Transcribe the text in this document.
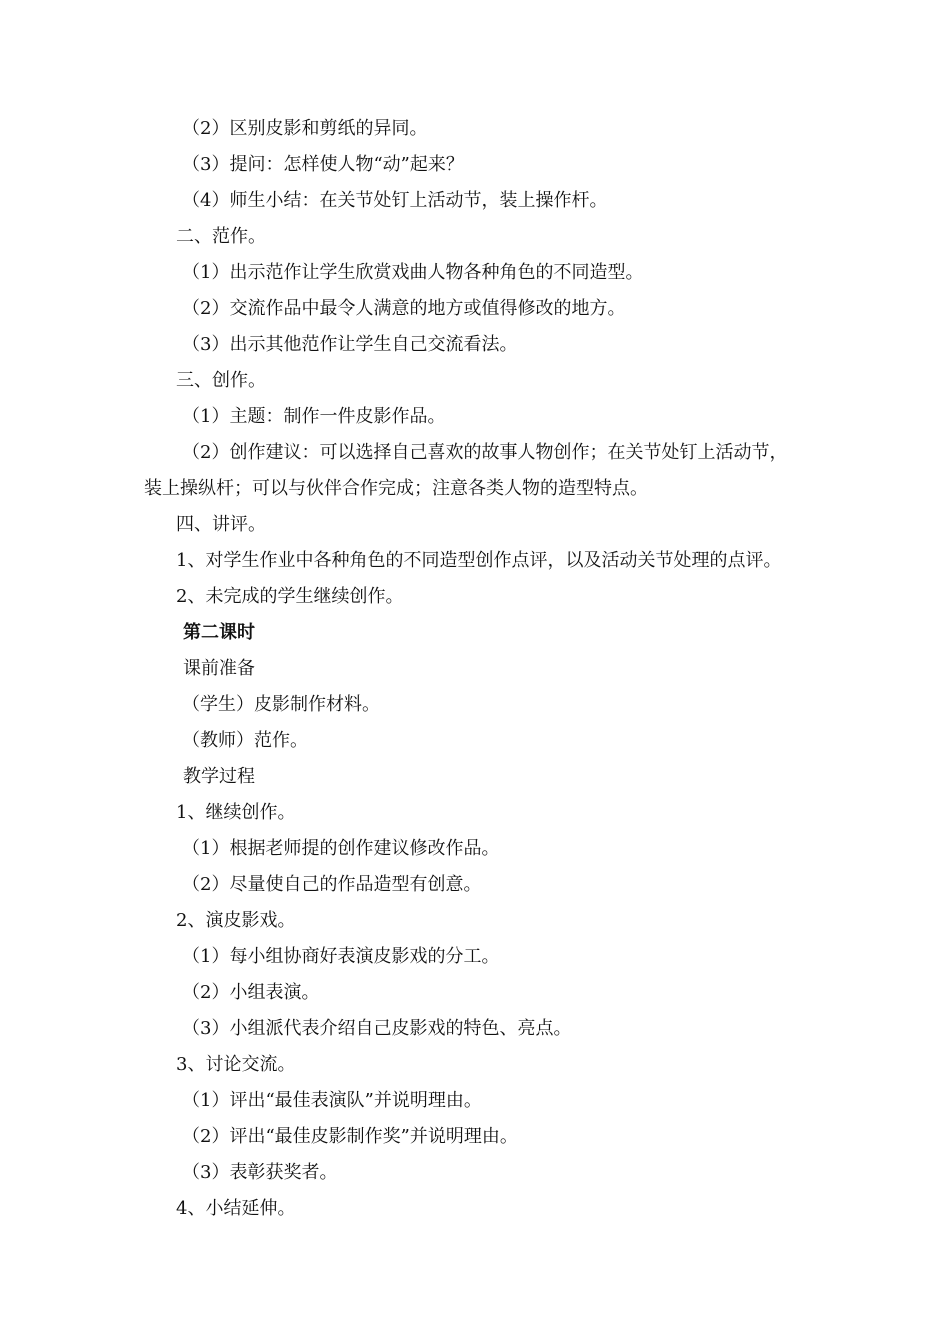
（2）区别皮影和剪纸的异同。
（3）提问：怎样使人物“动”起来？
（4）师生小结：在关节处钉上活动节，装上操作杆。
二、范作。
（1）出示范作让学生欣赏戏曲人物各种角色的不同造型。
（2）交流作品中最令人满意的地方或值得修改的地方。
（3）出示其他范作让学生自己交流看法。
三、创作。
（1）主题：制作一件皮影作品。
（2）创作建议：可以选择自己喜欢的故事人物创作；在关节处钉上活动节，
装上操纵杆；可以与伙伴合作完成；注意各类人物的造型特点。
四、讲评。
1、对学生作业中各种角色的不同造型创作点评，以及活动关节处理的点评。
2、未完成的学生继续创作。
第二课时
课前准备
（学生）皮影制作材料。
（教师）范作。
教学过程
1、继续创作。
（1）根据老师提的创作建议修改作品。
（2）尽量使自己的作品造型有创意。
2、演皮影戏。
（1）每小组协商好表演皮影戏的分工。
（2）小组表演。
（3）小组派代表介绍自己皮影戏的特色、亮点。
3、讨论交流。
（1）评出“最佳表演队”并说明理由。
（2）评出“最佳皮影制作奖”并说明理由。
（3）表彰获奖者。
4、小结延伸。
